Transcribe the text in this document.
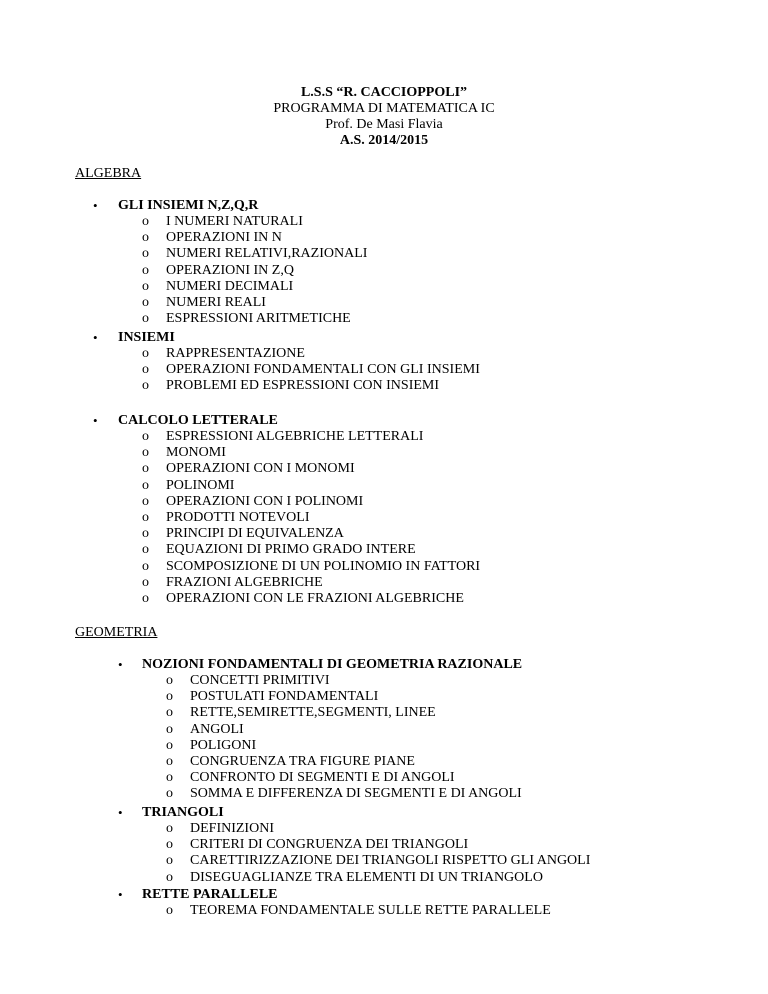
L.S.S “R. CACCIOPPOLI”
PROGRAMMA DI MATEMATICA IC
Prof. De Masi Flavia
A.S. 2014/2015
ALGEBRA
• GLI INSIEMI N,Z,Q,R
o I NUMERI NATURALI
o OPERAZIONI IN N
o NUMERI RELATIVI,RAZIONALI
o OPERAZIONI IN Z,Q
o NUMERI DECIMALI
o NUMERI REALI
o ESPRESSIONI ARITMETICHE
• INSIEMI
o RAPPRESENTAZIONE
o OPERAZIONI FONDAMENTALI CON GLI INSIEMI
o PROBLEMI ED ESPRESSIONI CON INSIEMI
• CALCOLO LETTERALE
o ESPRESSIONI ALGEBRICHE LETTERALI
o MONOMI
o OPERAZIONI CON I MONOMI
o POLINOMI
o OPERAZIONI CON I POLINOMI
o PRODOTTI NOTEVOLI
o PRINCIPI DI EQUIVALENZA
o EQUAZIONI DI PRIMO GRADO INTERE
o SCOMPOSIZIONE DI UN POLINOMIO IN FATTORI
o FRAZIONI ALGEBRICHE
o OPERAZIONI CON LE FRAZIONI ALGEBRICHE
GEOMETRIA
• NOZIONI FONDAMENTALI DI GEOMETRIA RAZIONALE
o CONCETTI PRIMITIVI
o POSTULATI FONDAMENTALI
o RETTE,SEMIRETTE,SEGMENTI, LINEE
o ANGOLI
o POLIGONI
o CONGRUENZA TRA FIGURE PIANE
o CONFRONTO DI SEGMENTI E DI ANGOLI
o SOMMA E DIFFERENZA DI SEGMENTI E DI ANGOLI
• TRIANGOLI
o DEFINIZIONI
o CRITERI DI CONGRUENZA DEI TRIANGOLI
o CARETTIRIZZAZIONE DEI TRIANGOLI RISPETTO GLI ANGOLI
o DISEGUAGLIANZE TRA ELEMENTI DI UN TRIANGOLO
• RETTE PARALLELE
o TEOREMA FONDAMENTALE SULLE RETTE PARALLELE
